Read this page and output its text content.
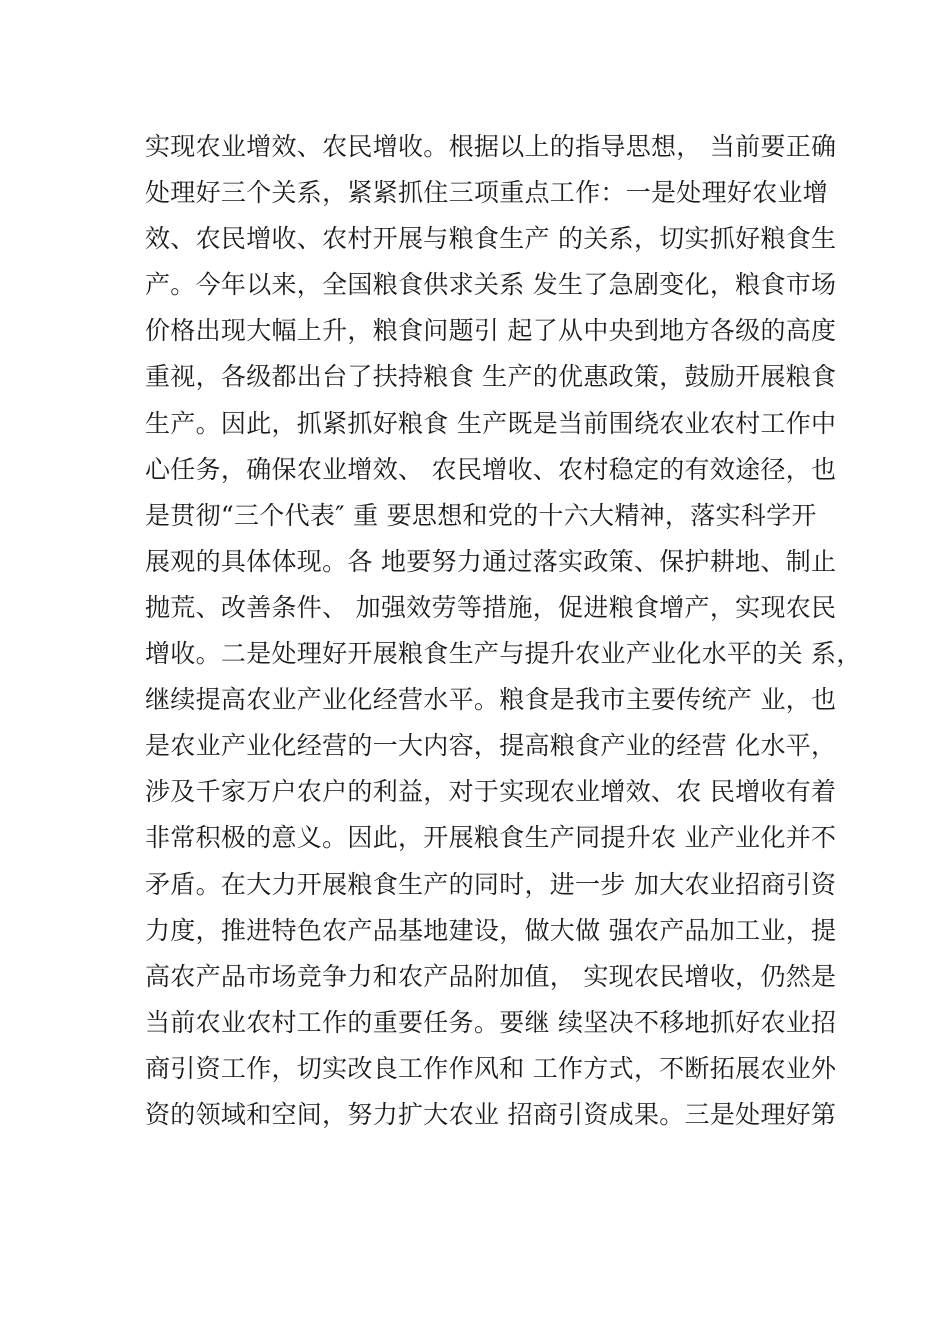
实现农业增效、农民增收。根据以上的指导思想， 当前要正确
处理好三个关系，紧紧抓住三项重点工作：一是处理好农业增
效、农民增收、农村开展与粮食生产 的关系，切实抓好粮食生
产。今年以来，全国粮食供求关系 发生了急剧变化，粮食市场
价格出现大幅上升，粮食问题引 起了从中央到地方各级的高度
重视，各级都出台了扶持粮食 生产的优惠政策，鼓励开展粮食
生产。因此，抓紧抓好粮食 生产既是当前围绕农业农村工作中
心任务，确保农业增效、 农民增收、农村稳定的有效途径，也
是贯彻“三个代表″ 重 要思想和党的十六大精神，落实科学开
展观的具体体现。各 地要努力通过落实政策、保护耕地、制止
抛荒、改善条件、 加强效劳等措施，促进粮食增产，实现农民
增收。二是处理好开展粮食生产与提升农业产业化水平的关 系，
继续提高农业产业化经营水平。粮食是我市主要传统产 业，也
是农业产业化经营的一大内容，提高粮食产业的经营 化水平，
涉及千家万户农户的利益，对于实现农业增效、农 民增收有着
非常积极的意义。因此，开展粮食生产同提升农 业产业化并不
矛盾。在大力开展粮食生产的同时，进一步 加大农业招商引资
力度，推进特色农产品基地建设，做大做 强农产品加工业，提
高农产品市场竞争力和农产品附加值， 实现农民增收，仍然是
当前农业农村工作的重要任务。要继 续坚决不移地抓好农业招
商引资工作，切实改良工作作风和 工作方式，不断拓展农业外
资的领域和空间，努力扩大农业 招商引资成果。三是处理好第
